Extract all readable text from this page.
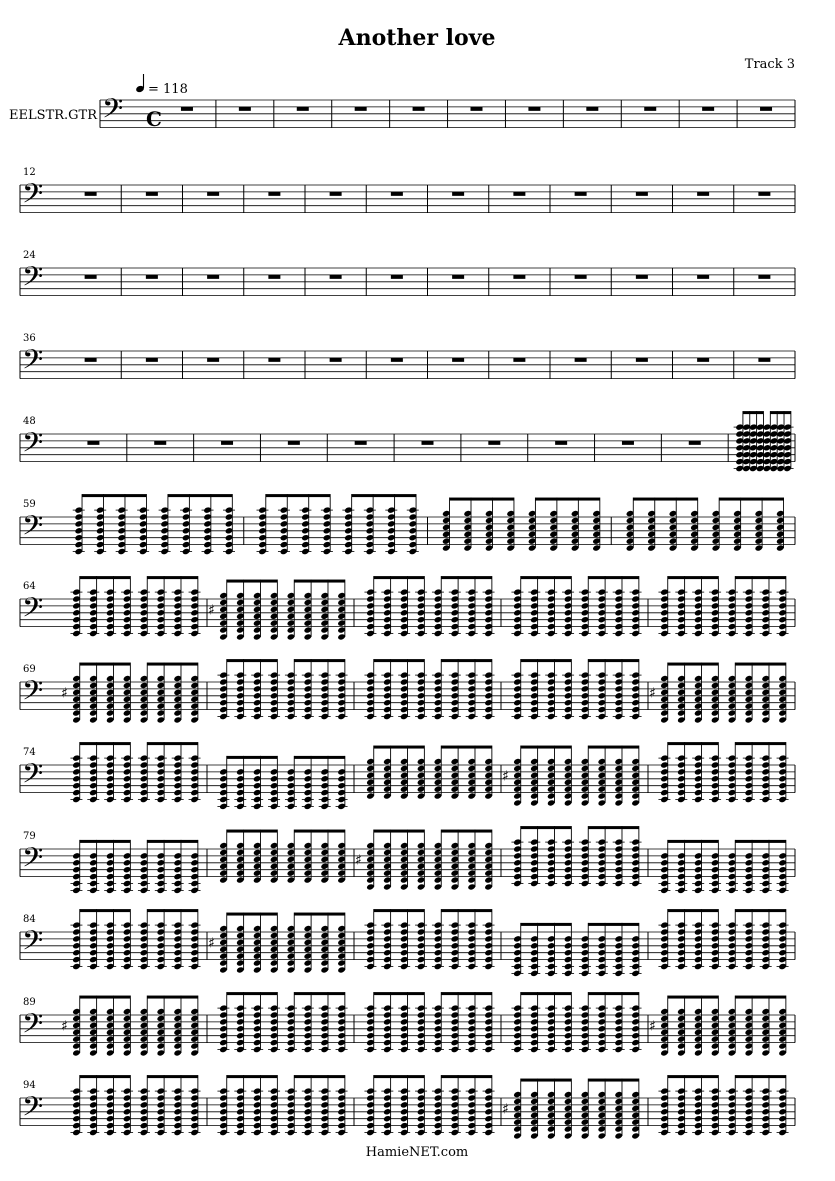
Another love
Track 3
EELSTR.GTR
= 118
C
𝄢
𝄢
12
𝄢
24
𝄢
36
𝄢
48
𝄢
59
𝄢
64
♯
𝄢
69
♯	♯
𝄢
74
♯
𝄢
79
♯
𝄢
84
♯
𝄢
89
♯	♯
𝄢
94
♯
HamieNET.com
